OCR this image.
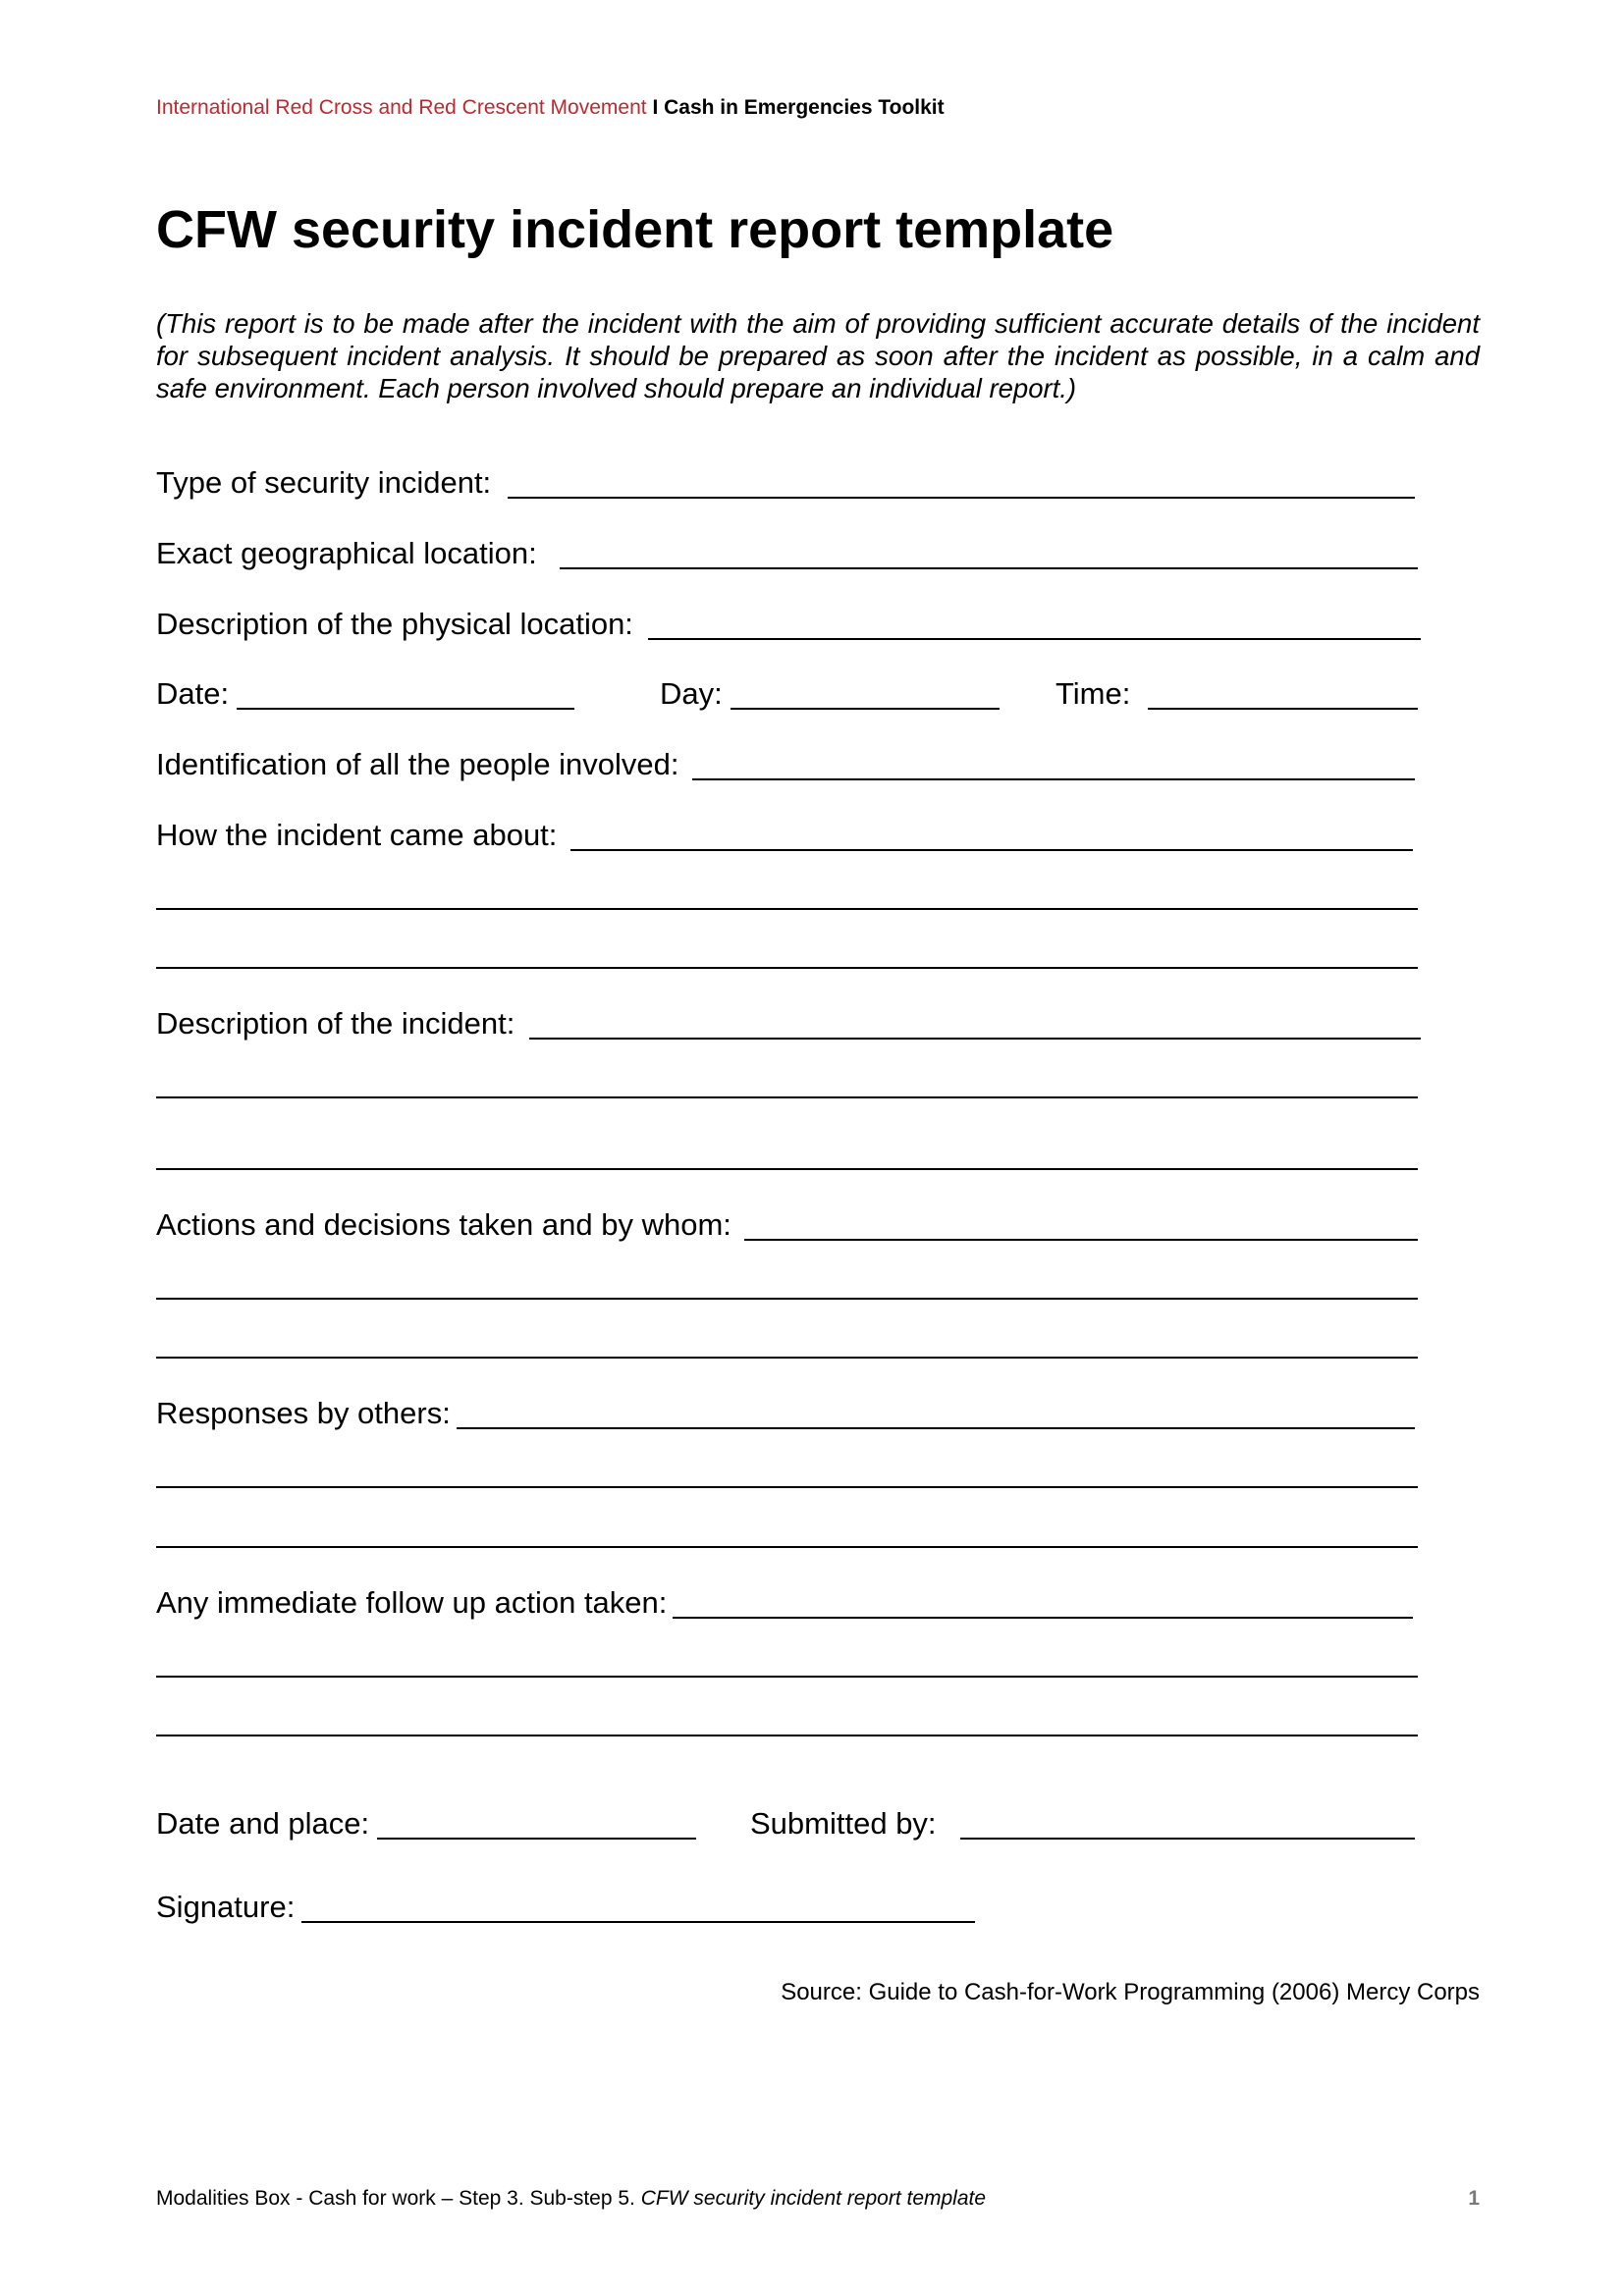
International Red Cross and Red Crescent Movement I Cash in Emergencies Toolkit
CFW security incident report template
(This report is to be made after the incident with the aim of providing sufficient accurate details of the incident for subsequent incident analysis. It should be prepared as soon after the incident as possible, in a calm and safe environment. Each person involved should prepare an individual report.)
Type of security incident:
Exact geographical location:
Description of the physical location:
Date:	Day:	Time:
Identification of all the people involved:
How the incident came about:
Description of the incident:
Actions and decisions taken and by whom:
Responses by others:
Any immediate follow up action taken:
Date and place:	Submitted by:
Signature:
Source: Guide to Cash-for-Work Programming (2006) Mercy Corps
Modalities Box - Cash for work – Step 3. Sub-step 5. CFW security incident report template	1
